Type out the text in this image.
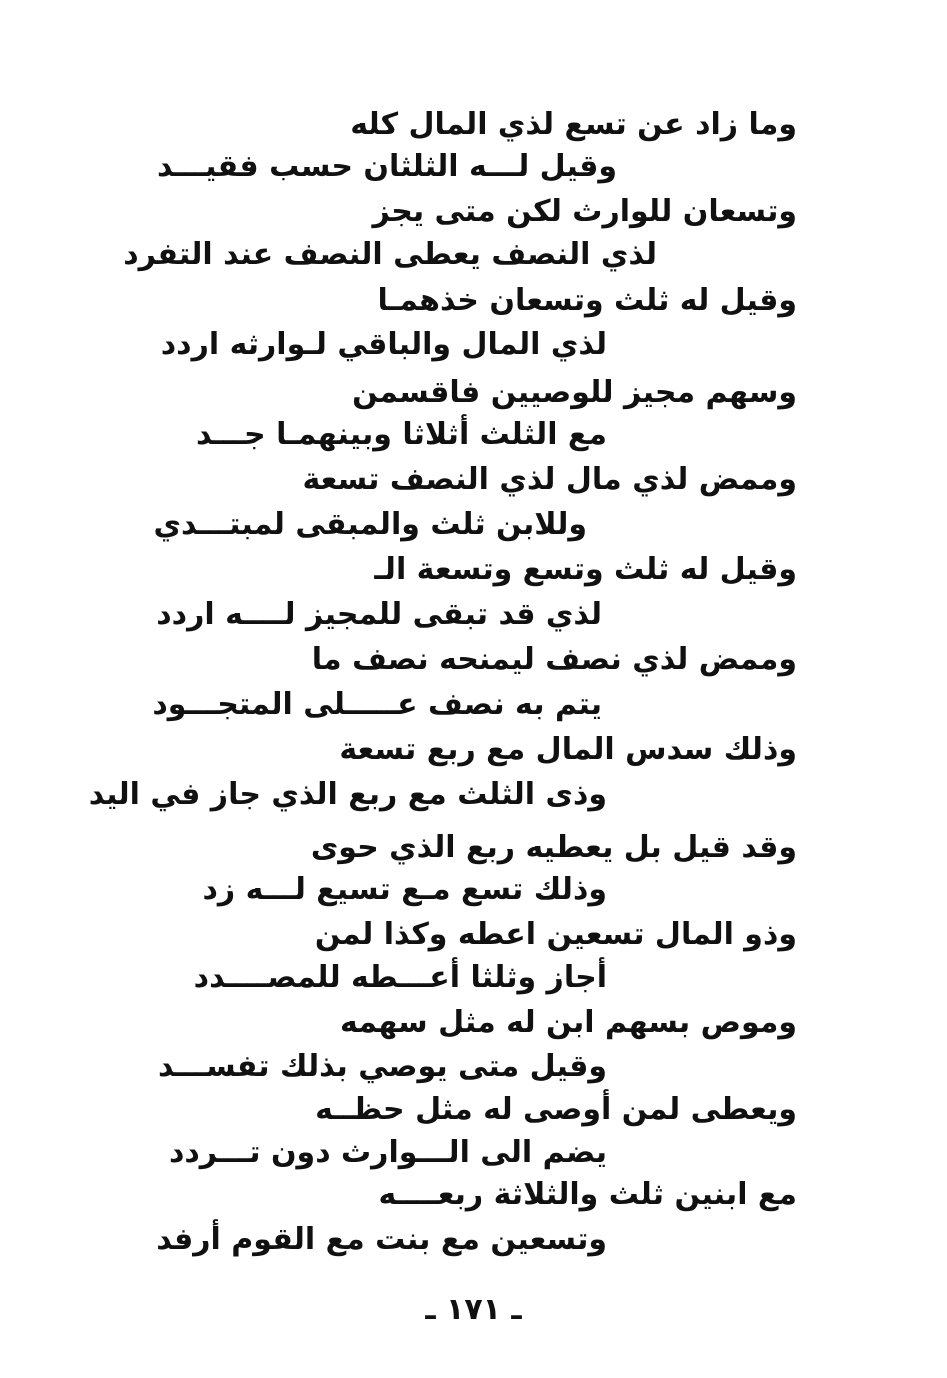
وما زاد عن تسع لذي المال كله
وقيل لـــه الثلثان حسب فقيـــد
وتسعان للوارث لكن متى يجز
لذي النصف يعطى النصف عند التفرد
وقيل له ثلث وتسعان خذهمـا
لذي المال والباقي لـوارثه اردد
وسهم مجيز للوصيين فاقسمن
مع الثلث أثلاثا وبينهمـا جـــد
وممض لذي مال لذي النصف تسعة
وللابن ثلث والمبقى لمبتـــدي
وقيل له ثلث وتسع وتسعة الـ
لذي قد تبقى للمجيز لــــه اردد
وممض لذي نصف ليمنحه نصف ما
يتم به نصف عـــــلى المتجـــود
وذلك سدس المال مع ربع تسعة
وذى الثلث مع ربع الذي جاز في اليد
وقد قيل بل يعطيه ربع الذي حوى
وذلك تسع مـع تسيع لـــه زد
وذو المال تسعين اعطه وكذا لمن
أجاز وثلثا أعـــطه للمصــــدد
وموص بسهم ابن له مثل سهمه
وقيل متى يوصي بذلك تفســـد
ويعطى لمن أوصى له مثل حظــه
يضم الى الـــوارث دون تـــردد
مع ابنين ثلث والثلاثة ربعــــه
وتسعين مع بنت مع القوم أرفد
ـ ١٧١ ـ
